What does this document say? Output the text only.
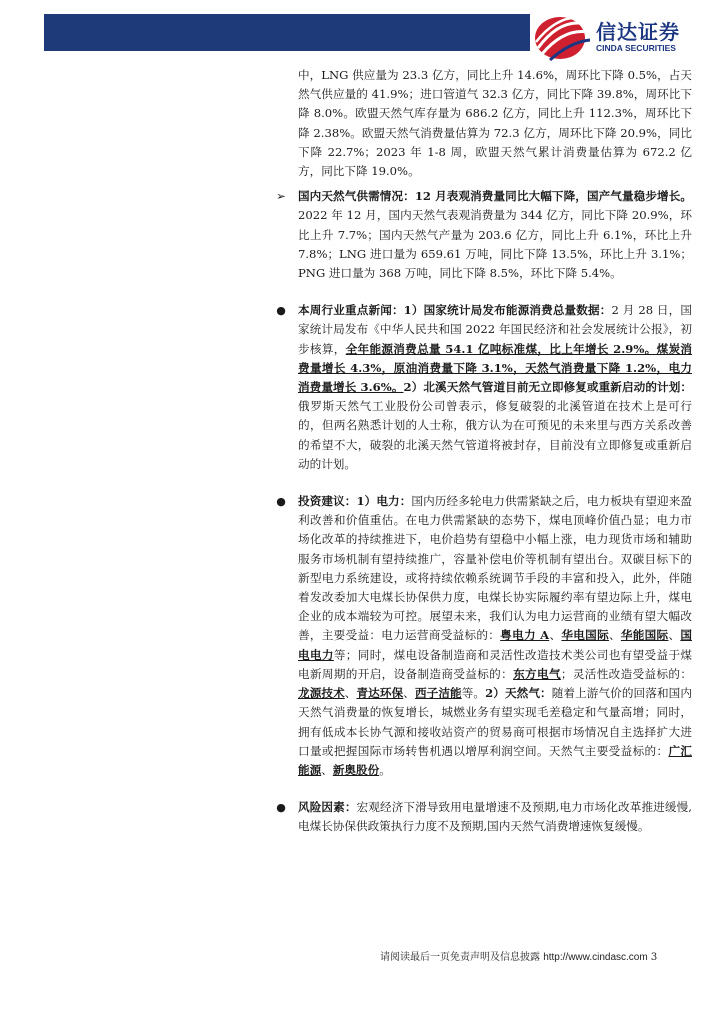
信达证券
CINDA SECURITIES
中，LNG 供应量为 23.3 亿方，同比上升 14.6%，周环比下降 0.5%，占天然气供应量的 41.9%；进口管道气 32.3 亿方，同比下降 39.8%，周环比下降 8.0%。欧盟天然气库存量为 686.2 亿方，同比上升 112.3%，周环比下降 2.38%。欧盟天然气消费量估算为 72.3 亿方，周环比下降 20.9%，同比下降 22.7%；2023 年 1-8 周，欧盟天然气累计消费量估算为 672.2 亿方，同比下降 19.0%。
➢ 国内天然气供需情况：12 月表观消费量同比大幅下降，国产气量稳步增长。2022 年 12 月，国内天然气表观消费量为 344 亿方，同比下降 20.9%，环比上升 7.7%；国内天然气产量为 203.6 亿方，同比上升 6.1%，环比上升 7.8%；LNG 进口量为 659.61 万吨，同比下降 13.5%，环比上升 3.1%；PNG 进口量为 368 万吨，同比下降 8.5%，环比下降 5.4%。
● 本周行业重点新闻：1）国家统计局发布能源消费总量数据：2 月 28 日，国家统计局发布《中华人民共和国 2022 年国民经济和社会发展统计公报》，初步核算，全年能源消费总量 54.1 亿吨标准煤，比上年增长 2.9%。煤炭消费量增长 4.3%，原油消费量下降 3.1%，天然气消费量下降 1.2%，电力消费量增长 3.6%。2）北溪天然气管道目前无立即修复或重新启动的计划：俄罗斯天然气工业股份公司曾表示，修复破裂的北溪管道在技术上是可行的，但两名熟悉计划的人士称，俄方认为在可预见的未来里与西方关系改善的希望不大，破裂的北溪天然气管道将被封存，目前没有立即修复或重新启动的计划。
● 投资建议：1）电力：国内历经多轮电力供需紧缺之后，电力板块有望迎来盈利改善和价值重估。在电力供需紧缺的态势下，煤电顶峰价值凸显；电力市场化改革的持续推进下，电价趋势有望稳中小幅上涨，电力现货市场和辅助服务市场机制有望持续推广，容量补偿电价等机制有望出台。双碳目标下的新型电力系统建设，或将持续依赖系统调节手段的丰富和投入，此外，伴随着发改委加大电煤长协保供力度，电煤长协实际履约率有望边际上升，煤电企业的成本端较为可控。展望未来，我们认为电力运营商的业绩有望大幅改善，主要受益：电力运营商受益标的：粤电力 A、华电国际、华能国际、国电电力等；同时，煤电设备制造商和灵活性改造技术类公司也有望受益于煤电新周期的开启，设备制造商受益标的：东方电气；灵活性改造受益标的：龙源技术、青达环保、西子洁能等。2）天然气：随着上游气价的回落和国内天然气消费量的恢复增长，城燃业务有望实现毛差稳定和气量高增；同时，拥有低成本长协气源和接收站资产的贸易商可根据市场情况自主选择扩大进口量或把握国际市场转售机遇以增厚利润空间。天然气主要受益标的：广汇能源、新奥股份。
● 风险因素：宏观经济下滑导致用电量增速不及预期,电力市场化改革推进缓慢,电煤长协保供政策执行力度不及预期,国内天然气消费增速恢复缓慢。
请阅读最后一页免责声明及信息披露 http://www.cindasc.com 3
